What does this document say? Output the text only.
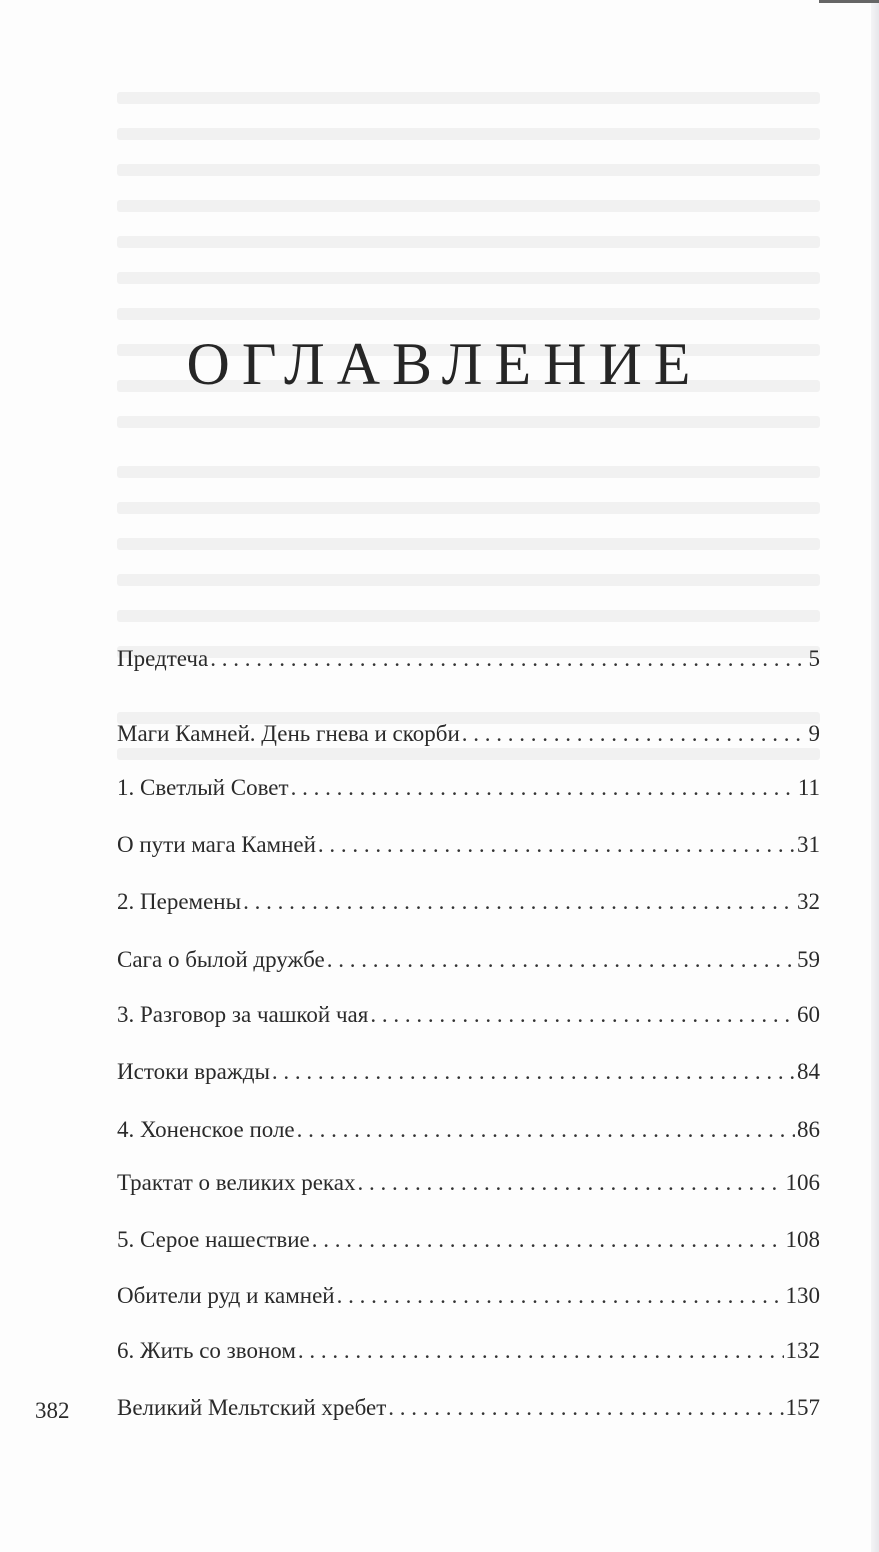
ОГЛАВЛЕНИЕ
Предтеча . . .	5
Маги Камней. День гнева и скорби . . .	9
1. Светлый Совет . . .	11
О пути мага Камней . . .	31
2. Перемены . . .	32
Сага о былой дружбе . . .	59
3. Разговор за чашкой чая . . .	60
Истоки вражды . . .	84
4. Хоненское поле . . .	86
Трактат о великих реках . . .	106
5. Серое нашествие . . .	108
Обители руд и камней . . .	130
6. Жить со звоном . . .	132
Великий Мельтский хребет . . .	157
382
